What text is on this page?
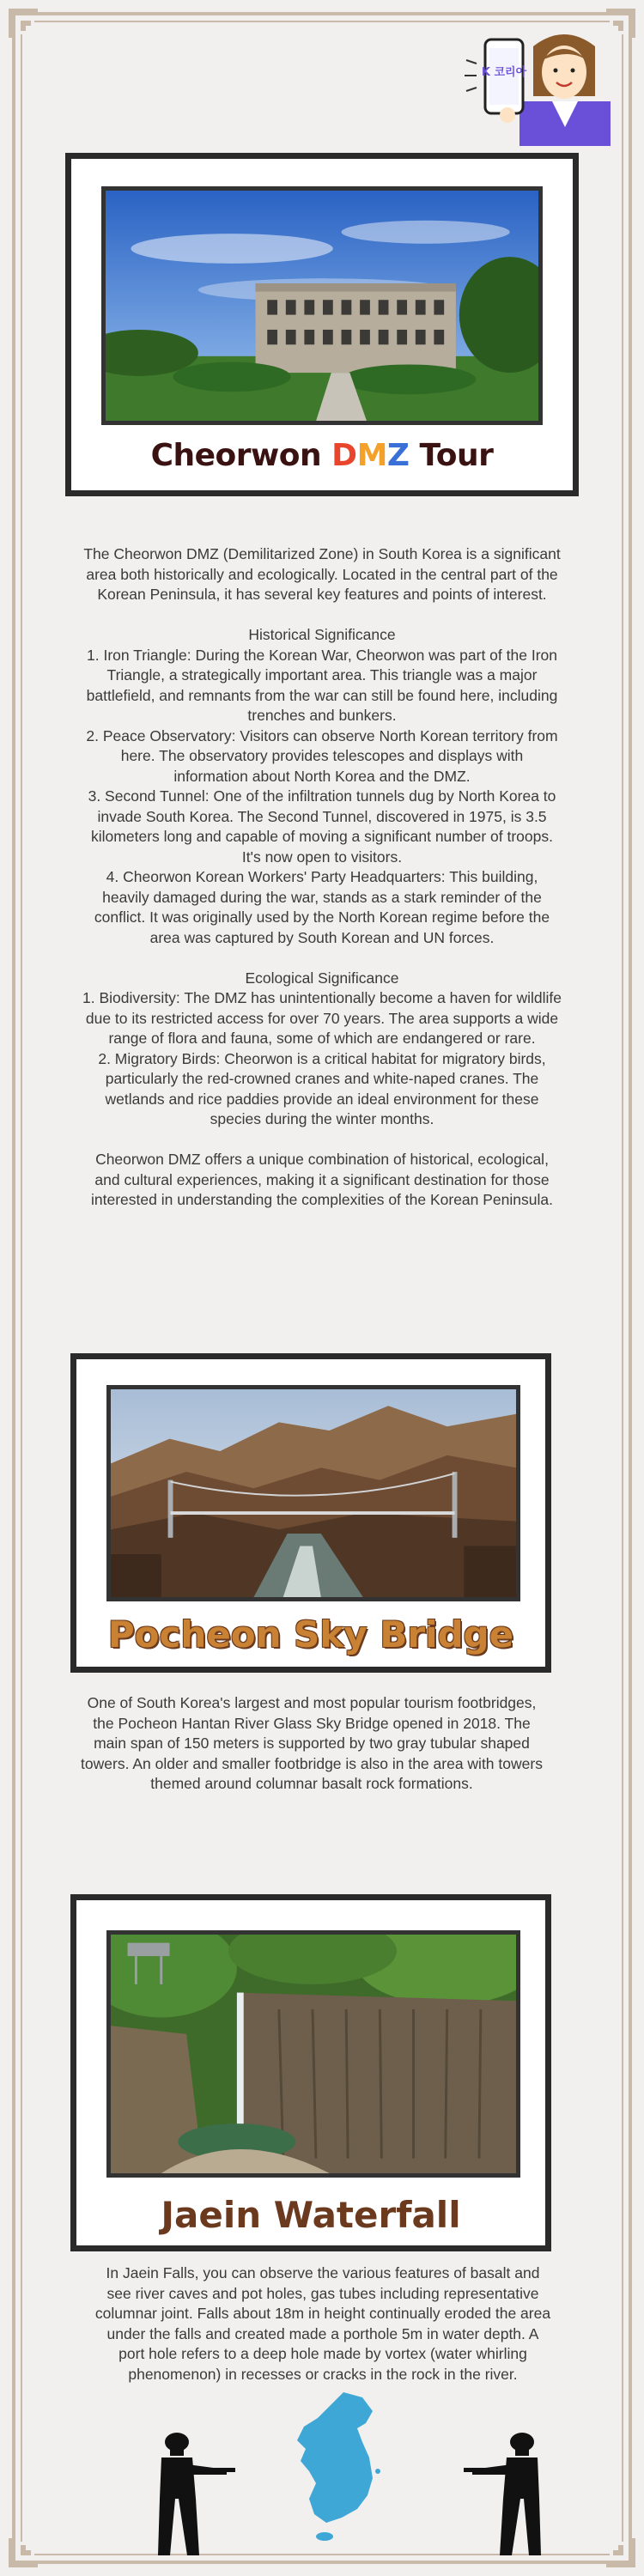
K 코리아
Cheorwon DMZ Tour

The Cheorwon DMZ (Demilitarized Zone) in South Korea is a significant area both historically and ecologically. Located in the central part of the Korean Peninsula, it has several key features and points of interest.

Historical Significance

1. Iron Triangle: During the Korean War, Cheorwon was part of the Iron Triangle, a strategically important area. This triangle was a major battlefield, and remnants from the war can still be found here, including trenches and bunkers.

2. Peace Observatory: Visitors can observe North Korean territory from here. The observatory provides telescopes and displays with information about North Korea and the DMZ.

3. Second Tunnel: One of the infiltration tunnels dug by North Korea to invade South Korea. The Second Tunnel, discovered in 1975, is 3.5 kilometers long and capable of moving a significant number of troops. It's now open to visitors.

4. Cheorwon Korean Workers' Party Headquarters: This building, heavily damaged during the war, stands as a stark reminder of the conflict. It was originally used by the North Korean regime before the area was captured by South Korean and UN forces.

Ecological Significance

1. Biodiversity: The DMZ has unintentionally become a haven for wildlife due to its restricted access for over 70 years. The area supports a wide range of flora and fauna, some of which are endangered or rare.

2. Migratory Birds: Cheorwon is a critical habitat for migratory birds, particularly the red-crowned cranes and white-naped cranes. The wetlands and rice paddies provide an ideal environment for these species during the winter months.

Cheorwon DMZ offers a unique combination of historical, ecological, and cultural experiences, making it a significant destination for those interested in understanding the complexities of the Korean Peninsula.

Pocheon Sky Bridge
One of South Korea's largest and most popular tourism footbridges, the Pocheon Hantan River Glass Sky Bridge opened in 2018. The main span of 150 meters is supported by two gray tubular shaped towers. An older and smaller footbridge is also in the area with towers themed around columnar basalt rock formations.
Jaein Waterfall
In Jaein Falls, you can observe the various features of basalt and see river caves and pot holes, gas tubes including representative columnar joint. Falls about 18m in height continually eroded the area under the falls and created made a porthole 5m in water depth. A port hole refers to a deep hole made by vortex (water whirling phenomenon) in recesses or cracks in the rock in the river.
